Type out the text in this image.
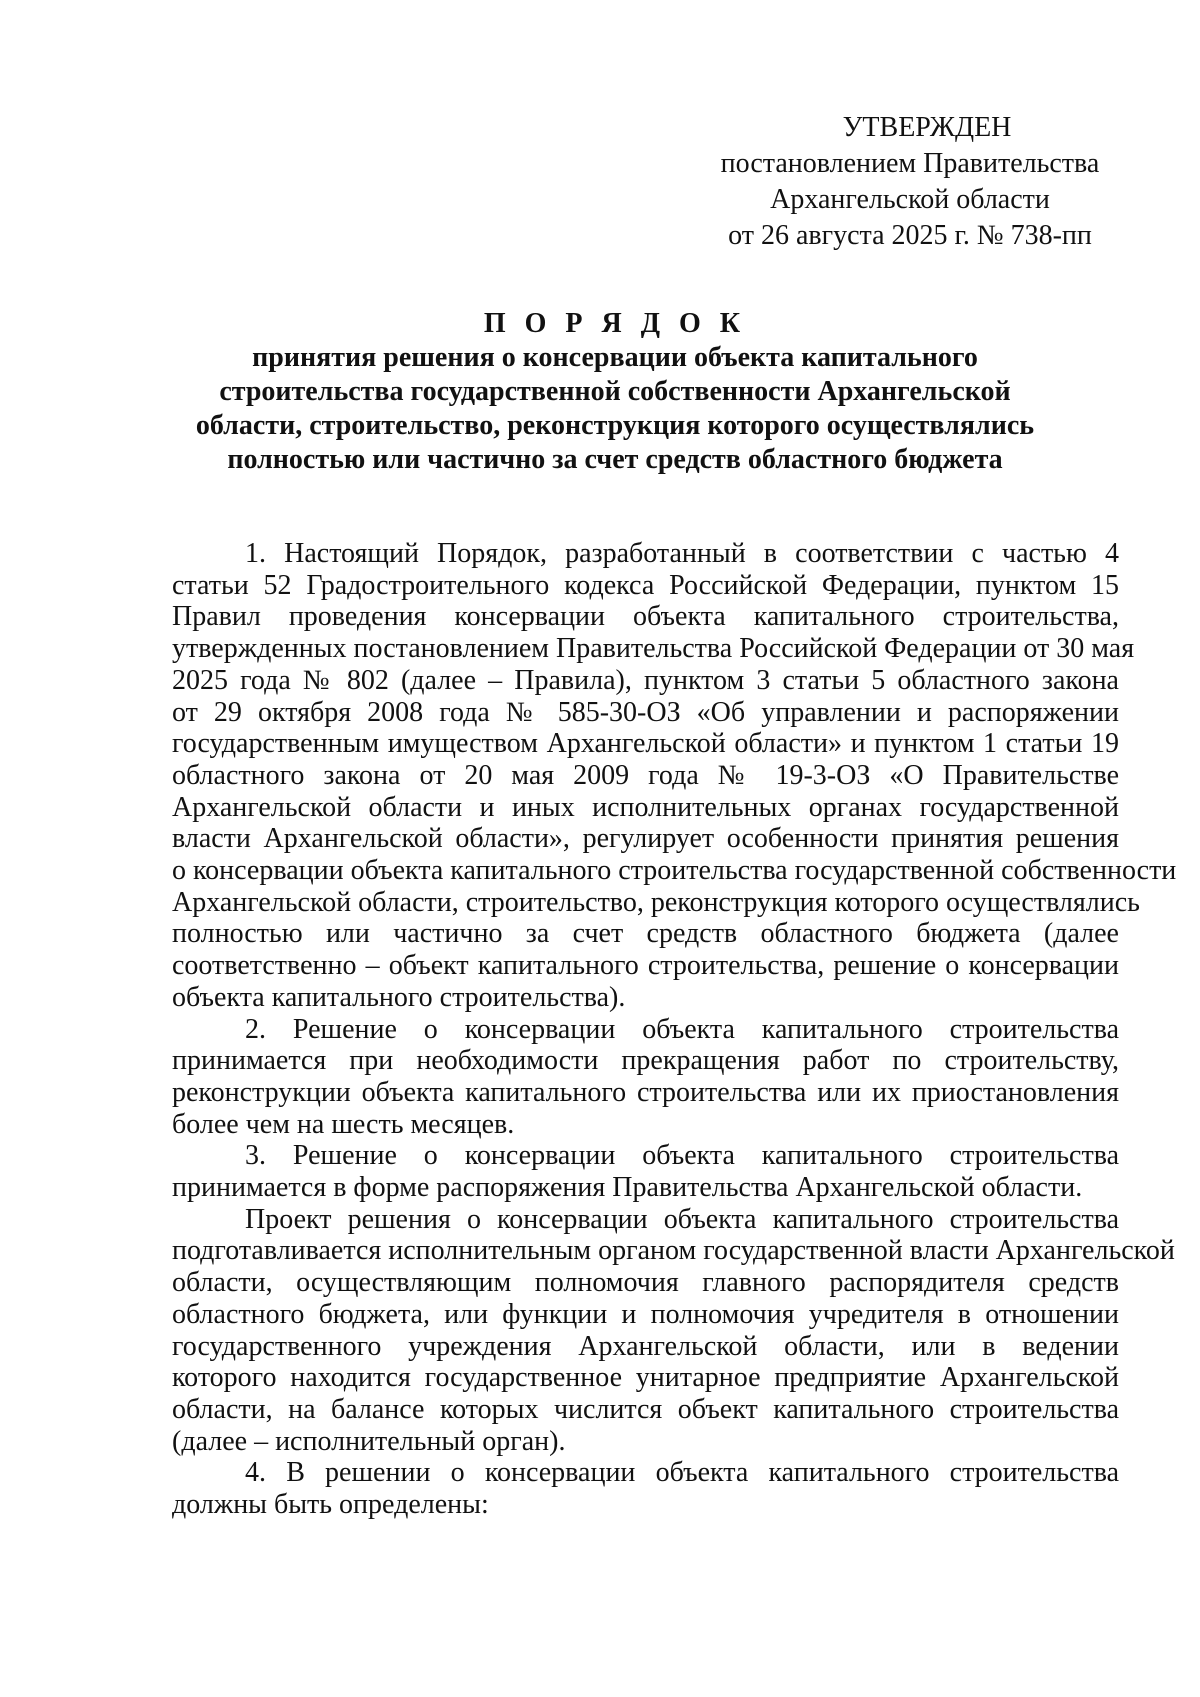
УТВЕРЖДЕН
постановлением Правительства
Архангельской области
от 26 августа 2025 г. № 738-пп
П О Р Я Д О К
принятия решения о консервации объекта капитального
строительства государственной собственности Архангельской
области, строительство, реконструкция которого осуществлялись
полностью или частично за счет средств областного бюджета
1. Настоящий Порядок, разработанный в соответствии с частью 4
статьи 52 Градостроительного кодекса Российской Федерации, пунктом 15
Правил проведения консервации объекта капитального строительства,
утвержденных постановлением Правительства Российской Федерации от 30 мая
2025 года № 802 (далее – Правила), пунктом 3 статьи 5 областного закона
от 29 октября 2008 года № 585-30-ОЗ «Об управлении и распоряжении
государственным имуществом Архангельской области» и пунктом 1 статьи 19
областного закона от 20 мая 2009 года № 19-3-ОЗ «О Правительстве
Архангельской области и иных исполнительных органах государственной
власти Архангельской области», регулирует особенности принятия решения
о консервации объекта капитального строительства государственной собственности
Архангельской области, строительство, реконструкция которого осуществлялись
полностью или частично за счет средств областного бюджета (далее
соответственно – объект капитального строительства, решение о консервации
объекта капитального строительства).
2. Решение о консервации объекта капитального строительства
принимается при необходимости прекращения работ по строительству,
реконструкции объекта капитального строительства или их приостановления
более чем на шесть месяцев.
3. Решение о консервации объекта капитального строительства
принимается в форме распоряжения Правительства Архангельской области.
Проект решения о консервации объекта капитального строительства
подготавливается исполнительным органом государственной власти Архангельской
области, осуществляющим полномочия главного распорядителя средств
областного бюджета, или функции и полномочия учредителя в отношении
государственного учреждения Архангельской области, или в ведении
которого находится государственное унитарное предприятие Архангельской
области, на балансе которых числится объект капитального строительства
(далее – исполнительный орган).
4. В решении о консервации объекта капитального строительства
должны быть определены:
